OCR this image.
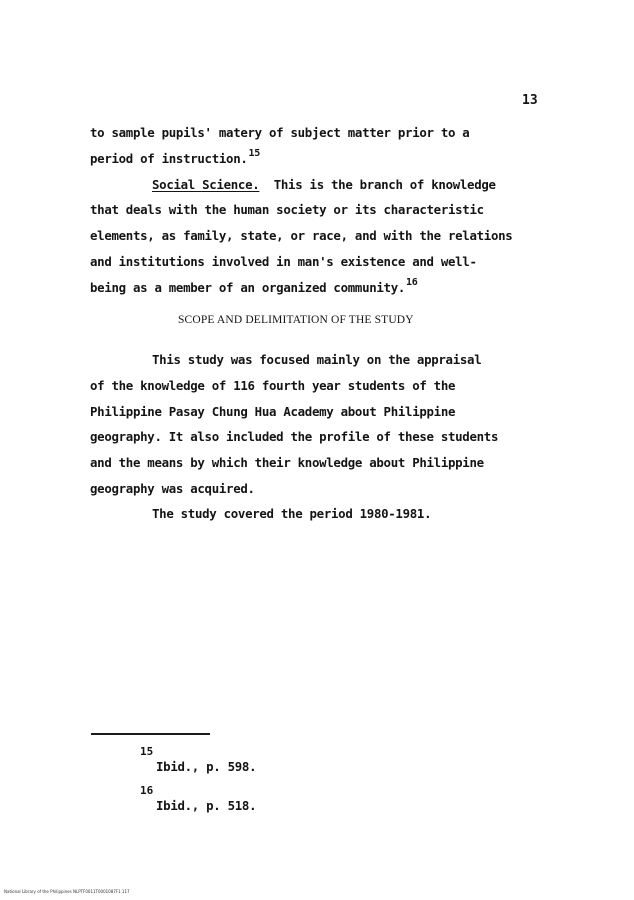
13
to sample pupils' matery of subject matter prior to a
period of instruction.$^{15}$
Social Science. This is the branch of knowledge
that deals with the human society or its characteristic
elements, as family, state, or race, and with the relations
and institutions involved in man's existence and well-
being as a member of an organized community.$^{16}$
SCOPE AND DELIMITATION OF THE STUDY
This study was focused mainly on the appraisal
of the knowledge of 116 fourth year students of the
Philippine Pasay Chung Hua Academy about Philippine
geography. It also included the profile of these students
and the means by which their knowledge about Philippine
geography was acquired.
The study covered the period 1980-1981.
15
Ibid., p. 598.
16
Ibid., p. 518.
National Library of the Philippines NLPTF0011T0001087F1 117
